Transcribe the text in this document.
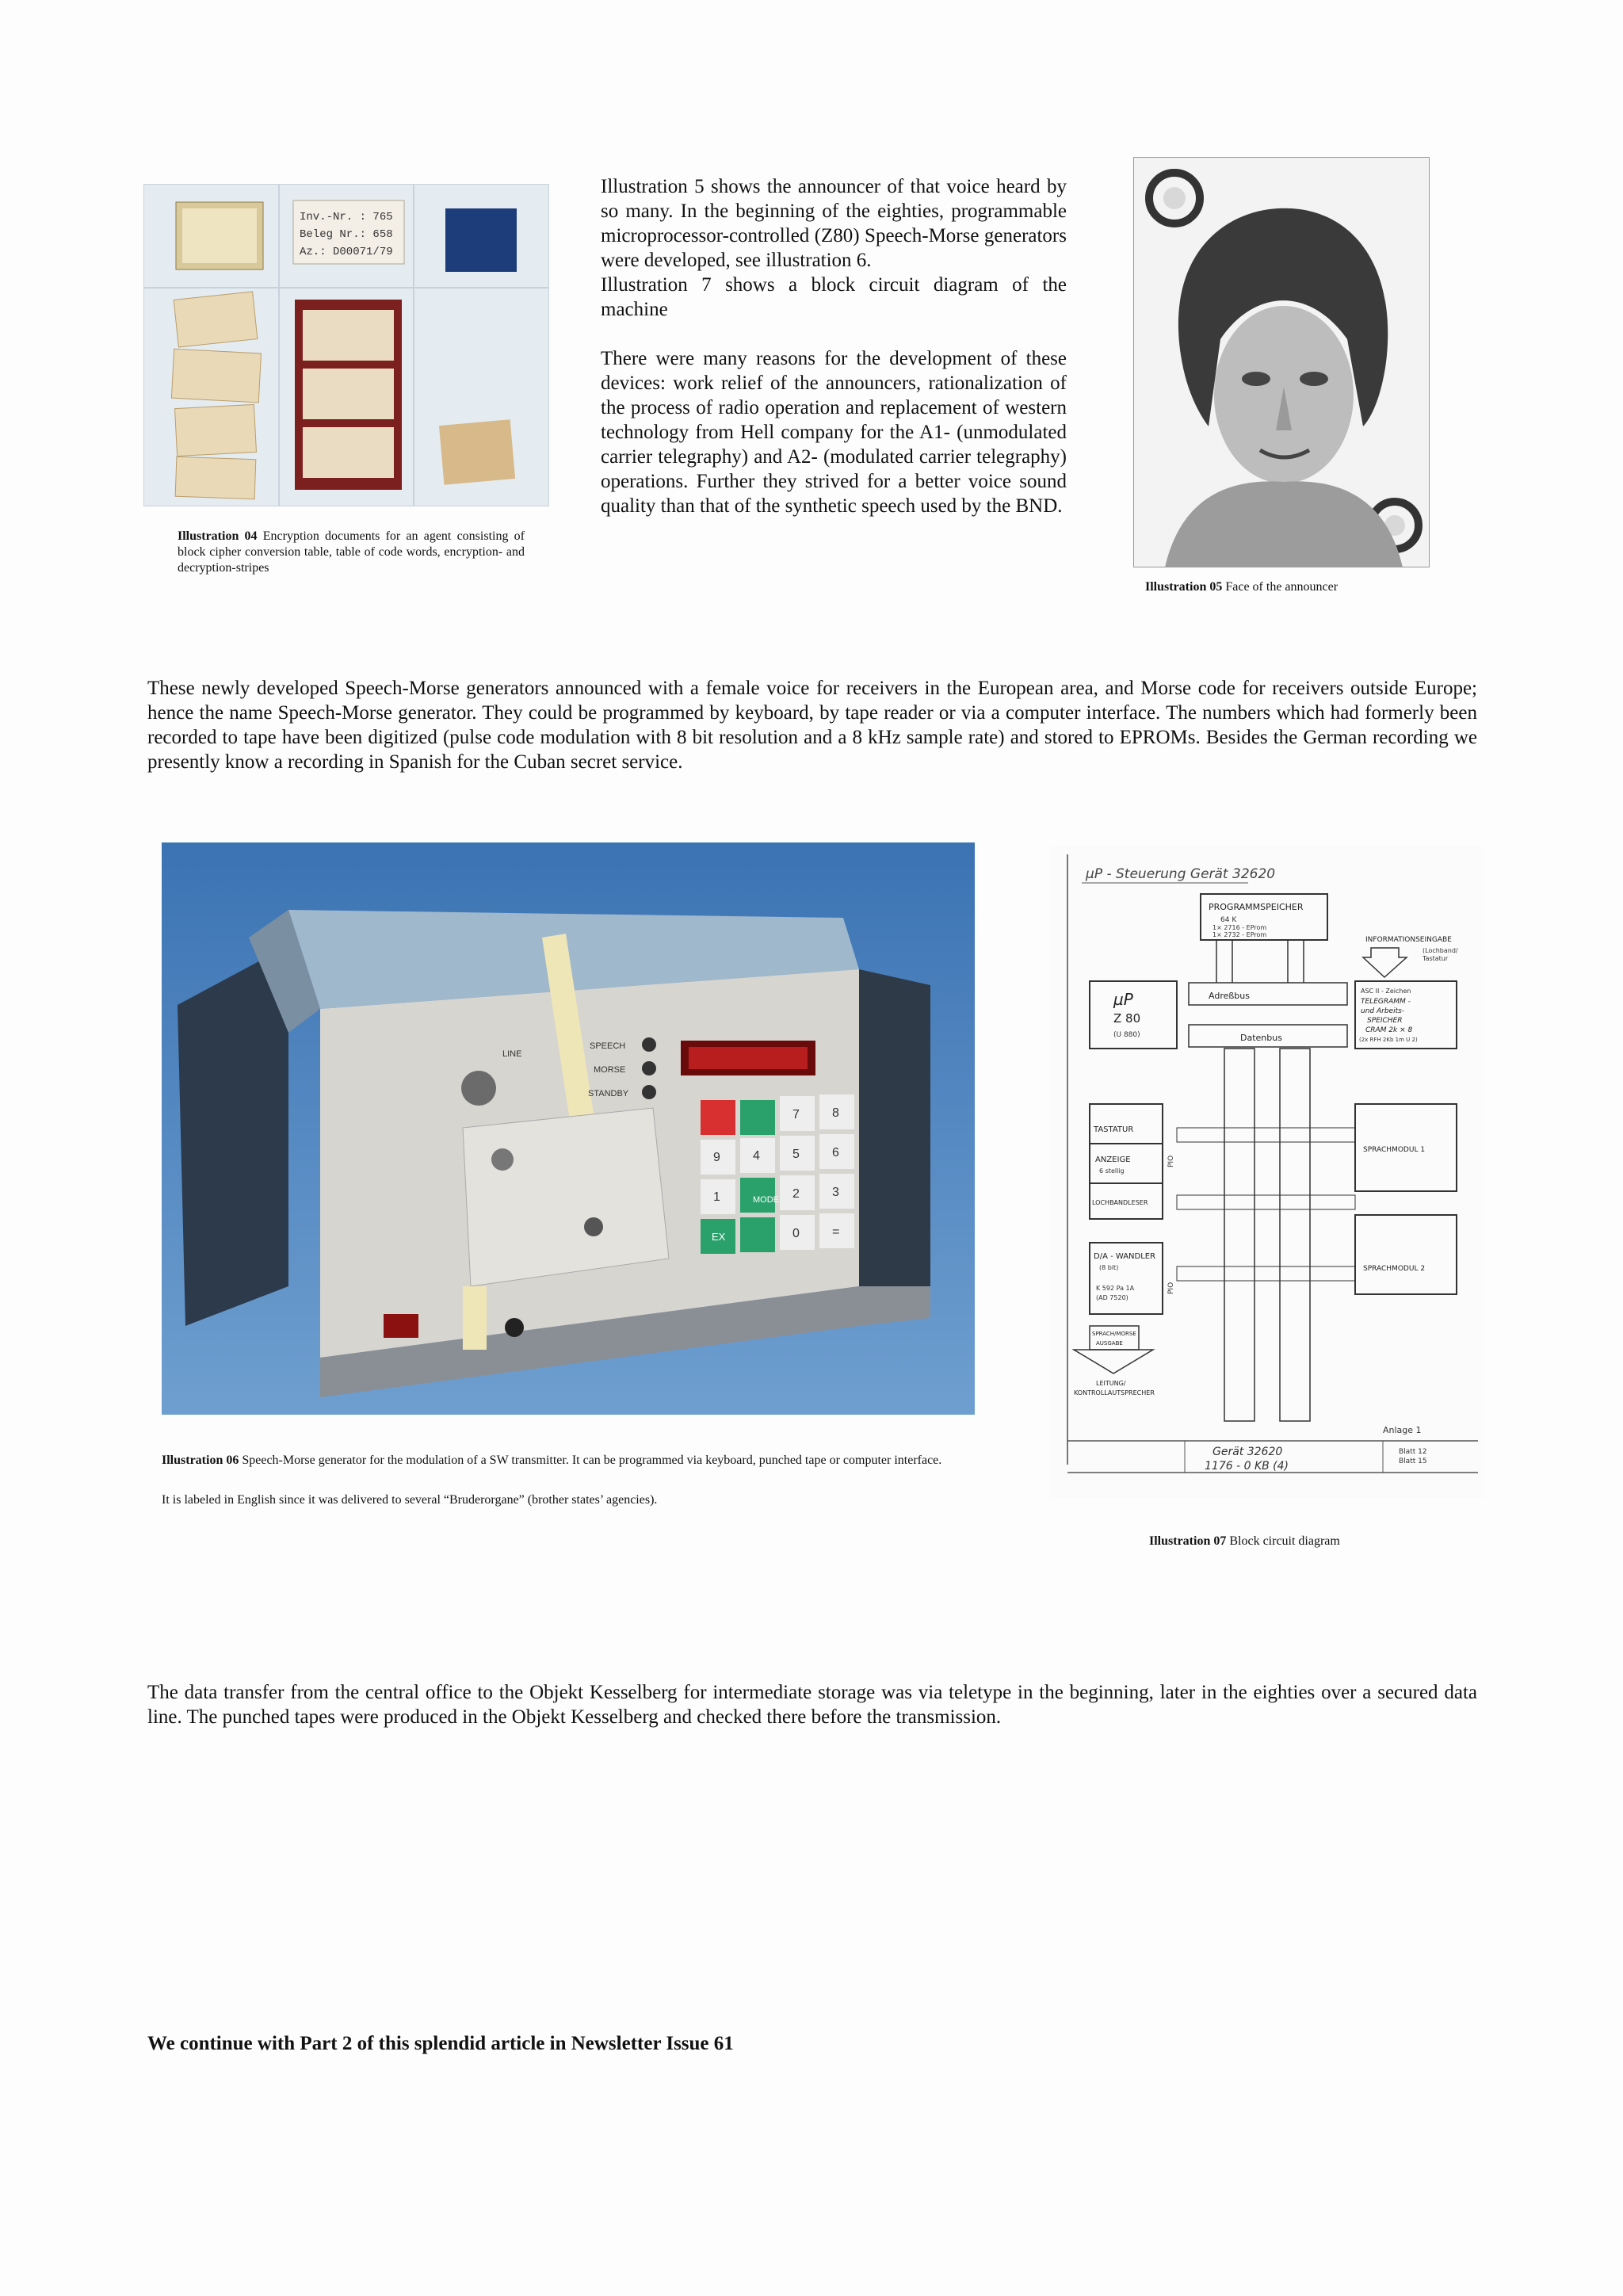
Inv.-Nr. : 765
Beleg Nr.: 658
Az.: D00071/79
Illustration 04 Encryption documents for an agent consisting of block cipher conversion table, table of code words, encryption- and decryption-stripes

Illustration 5 shows the announcer of that voice heard by so many. In the beginning of the eighties, programmable microprocessor-controlled (Z80) Speech-Morse generators were developed, see illustration 6.

Illustration 7 shows a block circuit diagram of the machine

There were many reasons for the development of these devices: work relief of the announcers, rationalization of the process of radio operation and replacement of western technology from Hell company for the A1- (unmodulated carrier telegraphy) and A2- (modulated carrier telegraphy) operations. Further they strived for a better voice sound quality than that of the synthetic speech used by the BND.

Illustration 05 Face of the announcer
These newly developed Speech-Morse generators announced with a female voice for receivers in the European area, and Morse code for receivers outside Europe; hence the name Speech-Morse generator. They could be programmed by keyboard, by tape reader or via a computer interface. The numbers which had formerly been recorded to tape have been digitized (pulse code modulation with 8 bit resolution and a 8 kHz sample rate) and stored to EPROMs. Besides the German recording we presently know a recording in Spanish for the Cuban secret service.
SPEECH
MORSE
STANDBY
LINE
7	8
9	4	5	6
1	2	3
0	=
MODE
EX
Illustration 06 Speech-Morse generator for the modulation of a SW transmitter. It can be programmed via keyboard, punched tape or computer interface.
It is labeled in English since it was delivered to several “Bruderorgane” (brother states’ agencies).
µP - Steuerung Gerät 32620
PROGRAMMSPEICHER
64 K
1× 2716 - EProm
1× 2732 - EProm
INFORMATIONSEINGABE
(Lochband/
Tastatur
µP
Z 80
(U 880)
ASC II - Zeichen
TELEGRAMM -
und Arbeits-
SPEICHER
CRAM 2k × 8
(2x RFH 2Kb 1m U 2)
Adreßbus
Datenbus
TASTATUR
ANZEIGE
6 stellig
LOCHBANDLESER
D/A - WANDLER
(8 bit)
K 592 Pa 1A
(AD 7520)
PIO
PIO
SPRACHMODUL 1
SPRACHMODUL 2
SPRACH/MORSE
AUSGABE
LEITUNG/
KONTROLLAUTSPRECHER
Anlage 1
Gerät 32620
1176 - 0 KB (4)
Blatt 12
Blatt 15
Illustration 07 Block circuit diagram
The data transfer from the central office to the Objekt Kesselberg for intermediate storage was via teletype in the beginning, later in the eighties over a secured data line. The punched tapes were produced in the Objekt Kesselberg and checked there before the transmission.
We continue with Part 2 of this splendid article in Newsletter Issue 61
